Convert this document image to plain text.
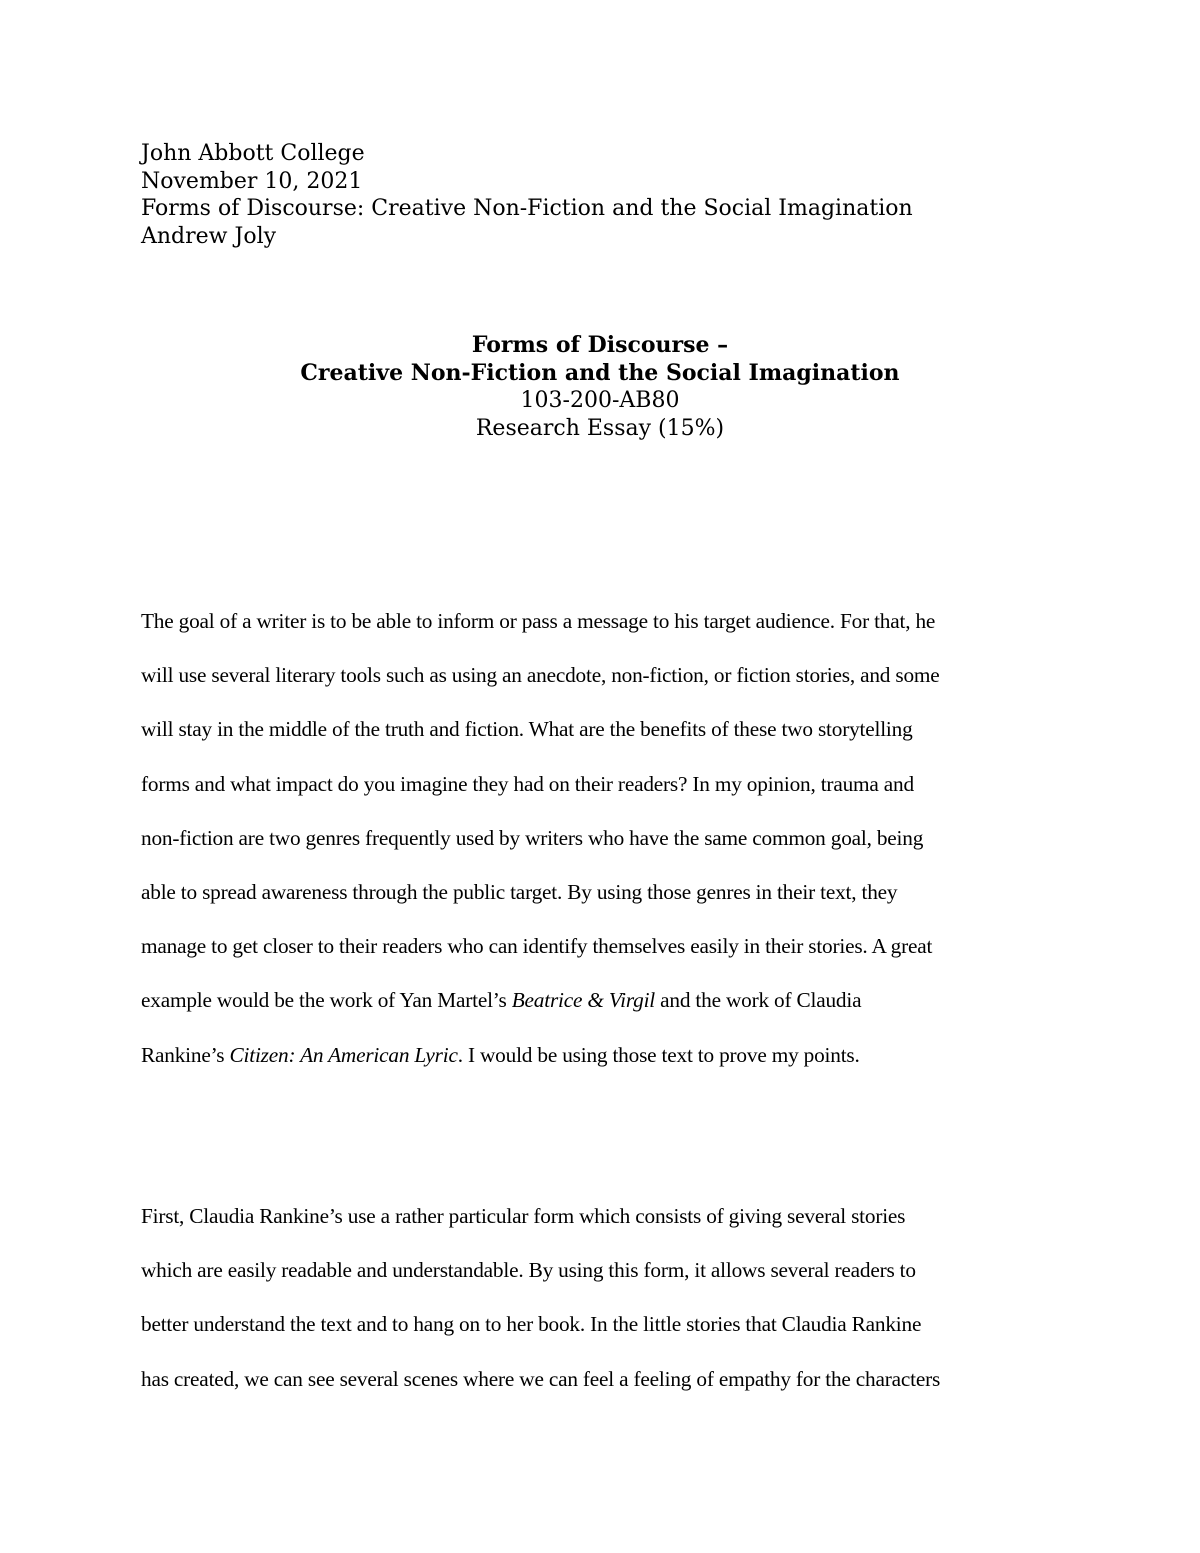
John Abbott College
November 10, 2021
Forms of Discourse: Creative Non-Fiction and the Social Imagination
Andrew Joly
Forms of Discourse –
Creative Non-Fiction and the Social Imagination
103-200-AB80
Research Essay (15%)
The goal of a writer is to be able to inform or pass a message to his target audience. For that, he
will use several literary tools such as using an anecdote, non-fiction, or fiction stories, and some
will stay in the middle of the truth and fiction. What are the benefits of these two storytelling
forms and what impact do you imagine they had on their readers? In my opinion, trauma and
non-fiction are two genres frequently used by writers who have the same common goal, being
able to spread awareness through the public target. By using those genres in their text, they
manage to get closer to their readers who can identify themselves easily in their stories. A great
example would be the work of Yan Martel’s Beatrice & Virgil and the work of Claudia
Rankine’s Citizen: An American Lyric. I would be using those text to prove my points.
First, Claudia Rankine’s use a rather particular form which consists of giving several stories
which are easily readable and understandable. By using this form, it allows several readers to
better understand the text and to hang on to her book. In the little stories that Claudia Rankine
has created, we can see several scenes where we can feel a feeling of empathy for the characters
